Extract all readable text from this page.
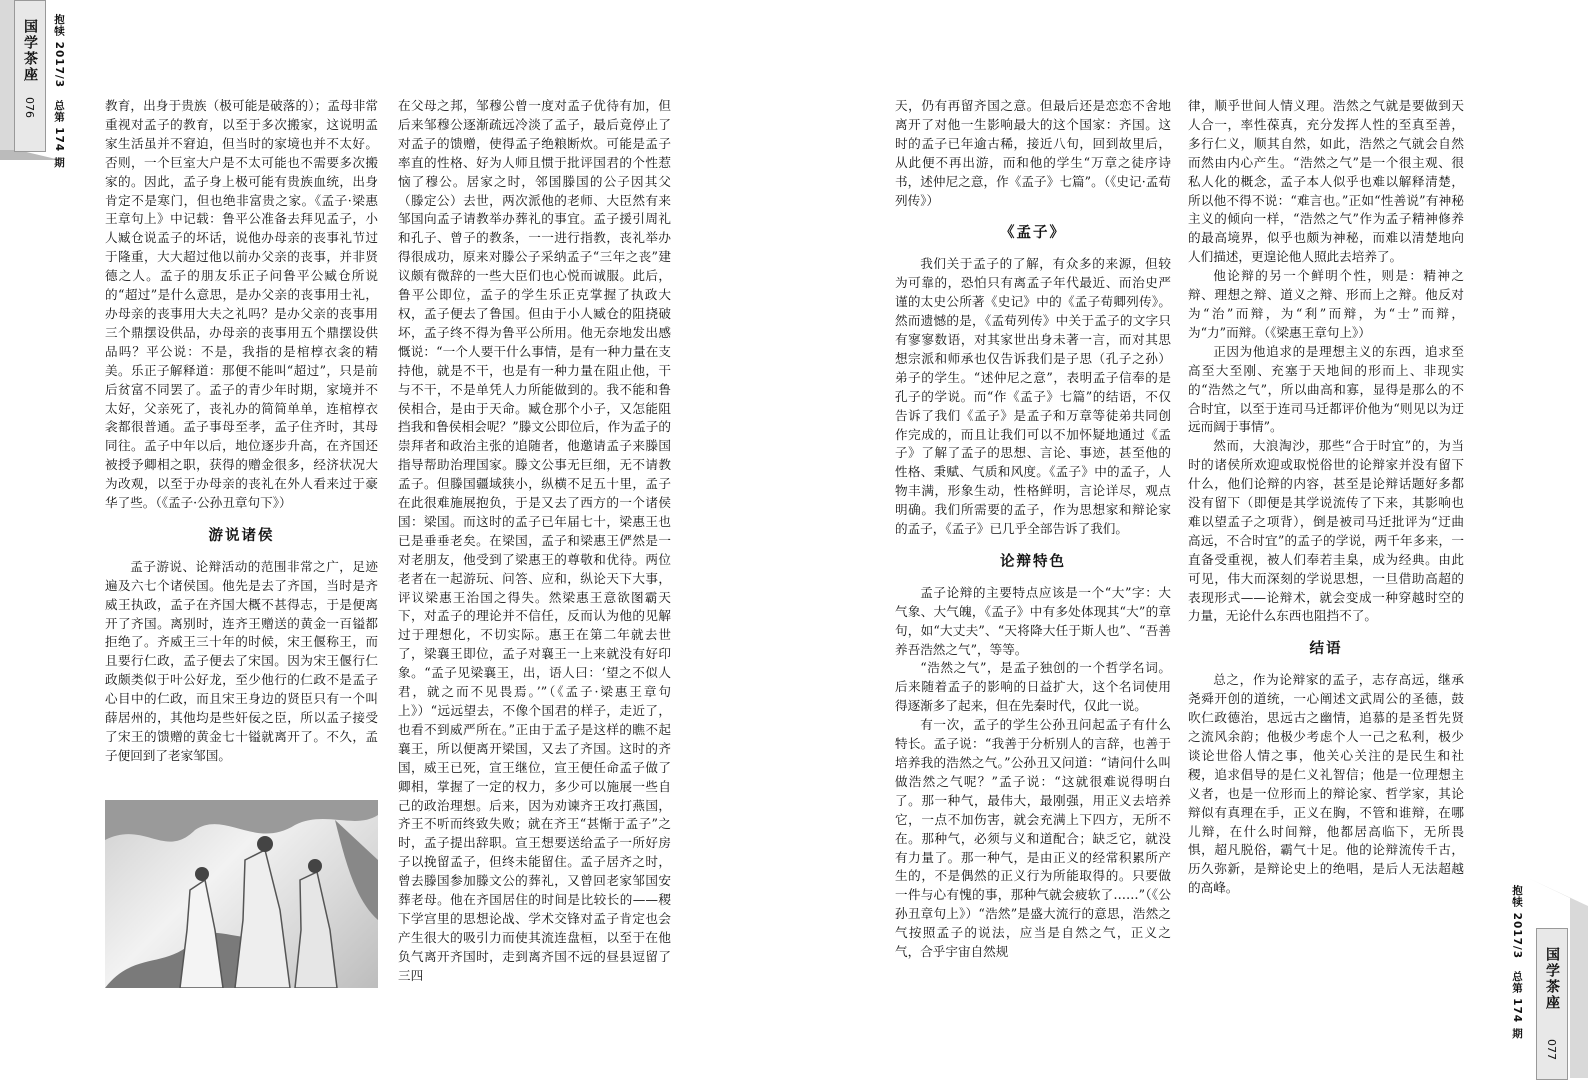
国学茶座
076 抱犊 2017/3　总第 174 期	教育，出身于贵族（极可能是破落的）；孟母非常重视对孟子的教育，以至于多次搬家，这说明孟家生活虽并不窘迫，但当时的家境也并不太好。否则，一个巨室大户是不太可能也不需要多次搬家的。因此，孟子身上极可能有贵族血统，出身肯定不是寒门，但也绝非富贵之家。《孟子·梁惠王章句上》中记载：鲁平公准备去拜见孟子，小人臧仓说孟子的坏话，说他办母亲的丧事礼节过于隆重，大大超过他以前办父亲的丧事，并非贤德之人。孟子的朋友乐正子问鲁平公臧仓所说的“超过”是什么意思，是办父亲的丧事用士礼，办母亲的丧事用大夫之礼吗？是办父亲的丧事用三个鼎摆设供品，办母亲的丧事用五个鼎摆设供品吗？平公说：不是，我指的是棺椁衣衾的精美。乐正子解释道：那便不能叫“超过”，只是前后贫富不同罢了。孟子的青少年时期，家境并不太好，父亲死了，丧礼办的简简单单，连棺椁衣衾都很普通。孟子事母至孝，孟子住齐时，其母同往。孟子中年以后，地位逐步升高，在齐国还被授予卿相之职，获得的赠金很多，经济状况大为改观，以至于办母亲的丧礼在外人看来过于豪华了些。（《孟子·公孙丑章句下》）

游说诸侯

孟子游说、论辩活动的范围非常之广，足迹遍及六七个诸侯国。他先是去了齐国，当时是齐威王执政，孟子在齐国大概不甚得志，于是便离开了齐国。离别时，连齐王赠送的黄金一百镒都拒绝了。齐威王三十年的时候，宋王偃称王，而且要行仁政，孟子便去了宋国。因为宋王偃行仁政颇类似于叶公好龙，至少他行的仁政不是孟子心目中的仁政，而且宋王身边的贤臣只有一个叫薛居州的，其他均是些奸佞之臣，所以孟子接受了宋王的馈赠的黄金七十镒就离开了。不久，孟子便回到了老家邹国。

在父母之邦，邹穆公曾一度对孟子优待有加，但后来邹穆公逐渐疏远冷淡了孟子，最后竟停止了对孟子的馈赠，使得孟子绝粮断炊。可能是孟子率直的性格、好为人师且惯于批评国君的个性惹恼了穆公。居家之时，邻国滕国的公子因其父（滕定公）去世，两次派他的老师、大臣然有来邹国向孟子请教举办葬礼的事宜。孟子援引周礼和孔子、曾子的教条，一一进行指教，丧礼举办得很成功，原来对滕公子采纳孟子“三年之丧”建议颇有微辞的一些大臣们也心悦而诚服。此后，鲁平公即位，孟子的学生乐正克掌握了执政大权，孟子便去了鲁国。但由于小人臧仓的阻挠破坏，孟子终不得为鲁平公所用。他无奈地发出感慨说：“一个人要干什么事情，是有一种力量在支持他，就是不干，也是有一种力量在阻止他，干与不干，不是单凭人力所能做到的。我不能和鲁侯相合，是由于天命。臧仓那个小子，又怎能阻挡我和鲁侯相会呢？”滕文公即位后，作为孟子的崇拜者和政治主张的追随者，他邀请孟子来滕国指导帮助治理国家。滕文公事无巨细，无不请教孟子。但滕国疆域狭小，纵横不足五十里，孟子在此很难施展抱负，于是又去了西方的一个诸侯国：梁国。而这时的孟子已年届七十，梁惠王也已是垂垂老矣。在梁国，孟子和梁惠王俨然是一对老朋友，他受到了梁惠王的尊敬和优待。两位老者在一起游玩、问答、应和，纵论天下大事，评议梁惠王治国之得失。然梁惠王意欲图霸天下，对孟子的理论并不信任，反而认为他的见解过于理想化，不切实际。惠王在第二年就去世了，梁襄王即位，孟子对襄王一上来就没有好印象。“孟子见梁襄王，出，语人曰：‘望之不似人君，就之而不见畏焉。’”（《孟子·梁惠王章句上》）“远远望去，不像个国君的样子，走近了，也看不到威严所在。”正由于孟子是这样的瞧不起襄王，所以便离开梁国，又去了齐国。这时的齐国，威王已死，宣王继位，宣王便任命孟子做了卿相，掌握了一定的权力，多少可以施展一些自己的政治理想。后来，因为劝谏齐王攻打燕国，齐王不听而终致失败；就在齐王“甚惭于孟子”之时，孟子提出辞职。宣王想要送给孟子一所好房子以挽留孟子，但终未能留住。孟子居齐之时，曾去滕国参加滕文公的葬礼，又曾回老家邹国安葬老母。他在齐国居住的时间是比较长的——稷下学宫里的思想论战、学术交锋对孟子肯定也会产生很大的吸引力而使其流连盘桓，以至于在他负气离开齐国时，走到离齐国不远的昼县逗留了三四

天，仍有再留齐国之意。但最后还是恋恋不舍地离开了对他一生影响最大的这个国家：齐国。这时的孟子已年逾古稀，接近八旬，回到故里后，从此便不再出游，而和他的学生“万章之徒序诗书，述仲尼之意，作《孟子》七篇”。（《史记·孟荀列传》）

《孟子》

我们关于孟子的了解，有众多的来源，但较为可靠的，恐怕只有离孟子年代最近、而治史严谨的太史公所著《史记》中的《孟子荀卿列传》。然而遗憾的是，《孟荀列传》中关于孟子的文字只有寥寥数语，对其家世出身未著一言，而对其思想宗派和师承也仅告诉我们是子思（孔子之孙）弟子的学生。“述仲尼之意”，表明孟子信奉的是孔子的学说。而“作《孟子》七篇”的结语，不仅告诉了我们《孟子》是孟子和万章等徒弟共同创作完成的，而且让我们可以不加怀疑地通过《孟子》了解了孟子的思想、言论、事迹，甚至他的性格、秉赋、气质和风度。《孟子》中的孟子，人物丰满，形象生动，性格鲜明，言论详尽，观点明确。我们所需要的孟子，作为思想家和辩论家的孟子，《孟子》已几乎全部告诉了我们。

论辩特色

孟子论辩的主要特点应该是一个“大”字：大气象、大气魄，《孟子》中有多处体现其“大”的章句，如“大丈夫”、“天将降大任于斯人也”、“吾善养吾浩然之气”，等等。

“浩然之气”，是孟子独创的一个哲学名词。后来随着孟子的影响的日益扩大，这个名词使用得逐渐多了起来，但在先秦时代，仅此一说。

有一次，孟子的学生公孙丑问起孟子有什么特长。孟子说：“我善于分析别人的言辞，也善于培养我的浩然之气。”公孙丑又问道：“请问什么叫做浩然之气呢？”孟子说：“这就很难说得明白了。那一种气，最伟大，最刚强，用正义去培养它，一点不加伤害，就会充满上下四方，无所不在。那种气，必须与义和道配合；缺乏它，就没有力量了。那一种气，是由正义的经常积累所产生的，不是偶然的正义行为所能取得的。只要做一件与心有愧的事，那种气就会疲软了……”（《公孙丑章句上》）“浩然”是盛大流行的意思，浩然之气按照孟子的说法，应当是自然之气，正义之气，合乎宇宙自然规

律，顺乎世间人情义理。浩然之气就是要做到天人合一，率性葆真，充分发挥人性的至真至善，多行仁义，顺其自然，如此，浩然之气就会自然而然由内心产生。“浩然之气”是一个很主观、很私人化的概念，孟子本人似乎也难以解释清楚，所以他不得不说：“难言也。”正如“性善说”有神秘主义的倾向一样，“浩然之气”作为孟子精神修养的最高境界，似乎也颇为神秘，而难以清楚地向人们描述，更遑论他人照此去培养了。

他论辩的另一个鲜明个性，则是：精神之辩、理想之辩、道义之辩、形而上之辩。他反对为“治”而辩，为“利”而辩，为“士”而辩，为“力”而辩。（《梁惠王章句上》）

正因为他追求的是理想主义的东西，追求至高至大至刚、充塞于天地间的形而上、非现实的“浩然之气”，所以曲高和寡，显得是那么的不合时宜，以至于连司马迁都评价他为“则见以为迂远而阔于事情”。

然而，大浪淘沙，那些“合于时宜”的，为当时的诸侯所欢迎或取悦俗世的论辩家并没有留下什么，他们论辩的内容，甚至是论辩话题好多都没有留下（即便是其学说流传了下来，其影响也难以望孟子之项背），倒是被司马迁批评为“迂曲高远，不合时宜”的孟子的学说，两千年多来，一直备受重视，被人们奉若圭臬，成为经典。由此可见，伟大而深刻的学说思想，一旦借助高超的表现形式——论辩术，就会变成一种穿越时空的力量，无论什么东西也阻挡不了。

结语

总之，作为论辩家的孟子，志存高远，继承尧舜开创的道统，一心阐述文武周公的圣德，鼓吹仁政德治，思远古之幽情，追慕的是圣哲先贤之流风余韵；他极少考虑个人一己之私利，极少谈论世俗人情之事，他关心关注的是民生和社稷，追求倡导的是仁义礼智信；他是一位理想主义者，也是一位形而上的辩论家、哲学家，其论辩似有真理在手，正义在胸，不管和谁辩，在哪儿辩，在什么时间辩，他都居高临下，无所畏惧，超凡脱俗，霸气十足。他的论辩流传千古，历久弥新，是辩论史上的绝唱，是后人无法超越的高峰。	抱犊 2017/3　总第 174 期 国学茶座
077
